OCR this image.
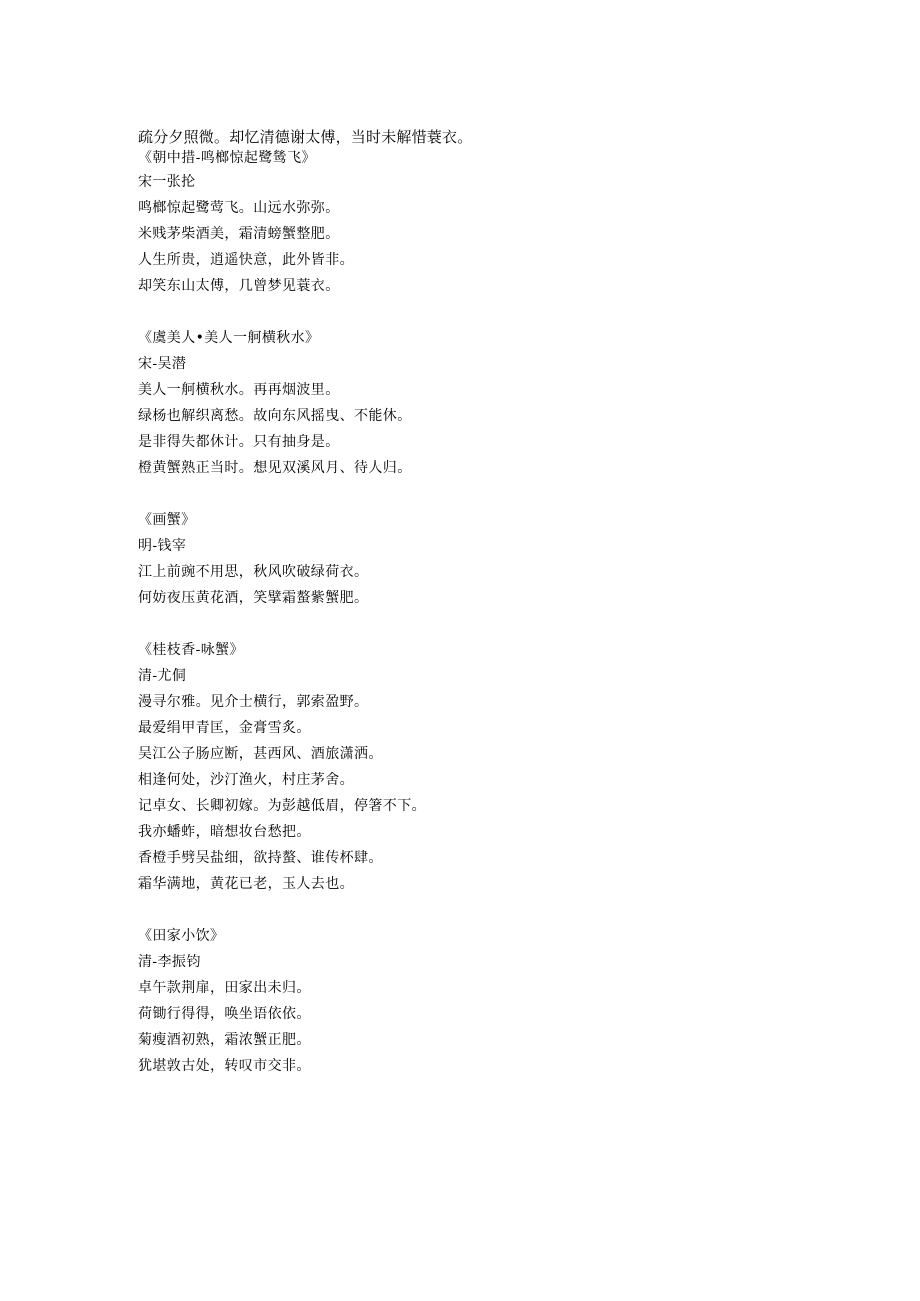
疏分夕照微。却忆清德谢太傅，当时未解惜蓑衣。
《朝中措-鸣榔惊起鹭鸶飞》
宋一张抡
鸣榔惊起鹭莺飞。山远水弥弥。
米贱茅柴酒美，霜清螃蟹整肥。
人生所贵，逍遥快意，此外皆非。
却笑东山太傅，几曾梦见蓑衣。
《虞美人•美人一舸横秋水》
宋-吴潜
美人一舸横秋水。再再烟波里。
绿杨也解织离愁。故向东风摇曳、不能休。
是非得失都休计。只有抽身是。
橙黄蟹熟正当时。想见双溪风月、待人归。
《画蟹》
明-钱宰
江上前豌不用思，秋风吹破绿荷衣。
何妨夜压黄花酒，笑擘霜螯紫蟹肥。
《桂枝香-咏蟹》
清-尤侗
漫寻尔雅。见介士横行，郭索盈野。
最爱绢甲青匡，金膏雪炙。
吴江公子肠应断，甚西风、酒旅潇洒。
相逢何处，沙汀渔火，村庄茅舍。
记卓女、长卿初嫁。为彭越低眉，停箸不下。
我亦蟠蚱，暗想妆台愁把。
香橙手劈吴盐细，欲持螯、谁传杯肆。
霜华满地，黄花已老，玉人去也。
《田家小饮》
清-李振钧
卓午款荆扉，田家出未归。
荷锄行得得，唤坐语依依。
菊瘦酒初熟，霜浓蟹正肥。
犹堪敦古处，转叹市交非。
